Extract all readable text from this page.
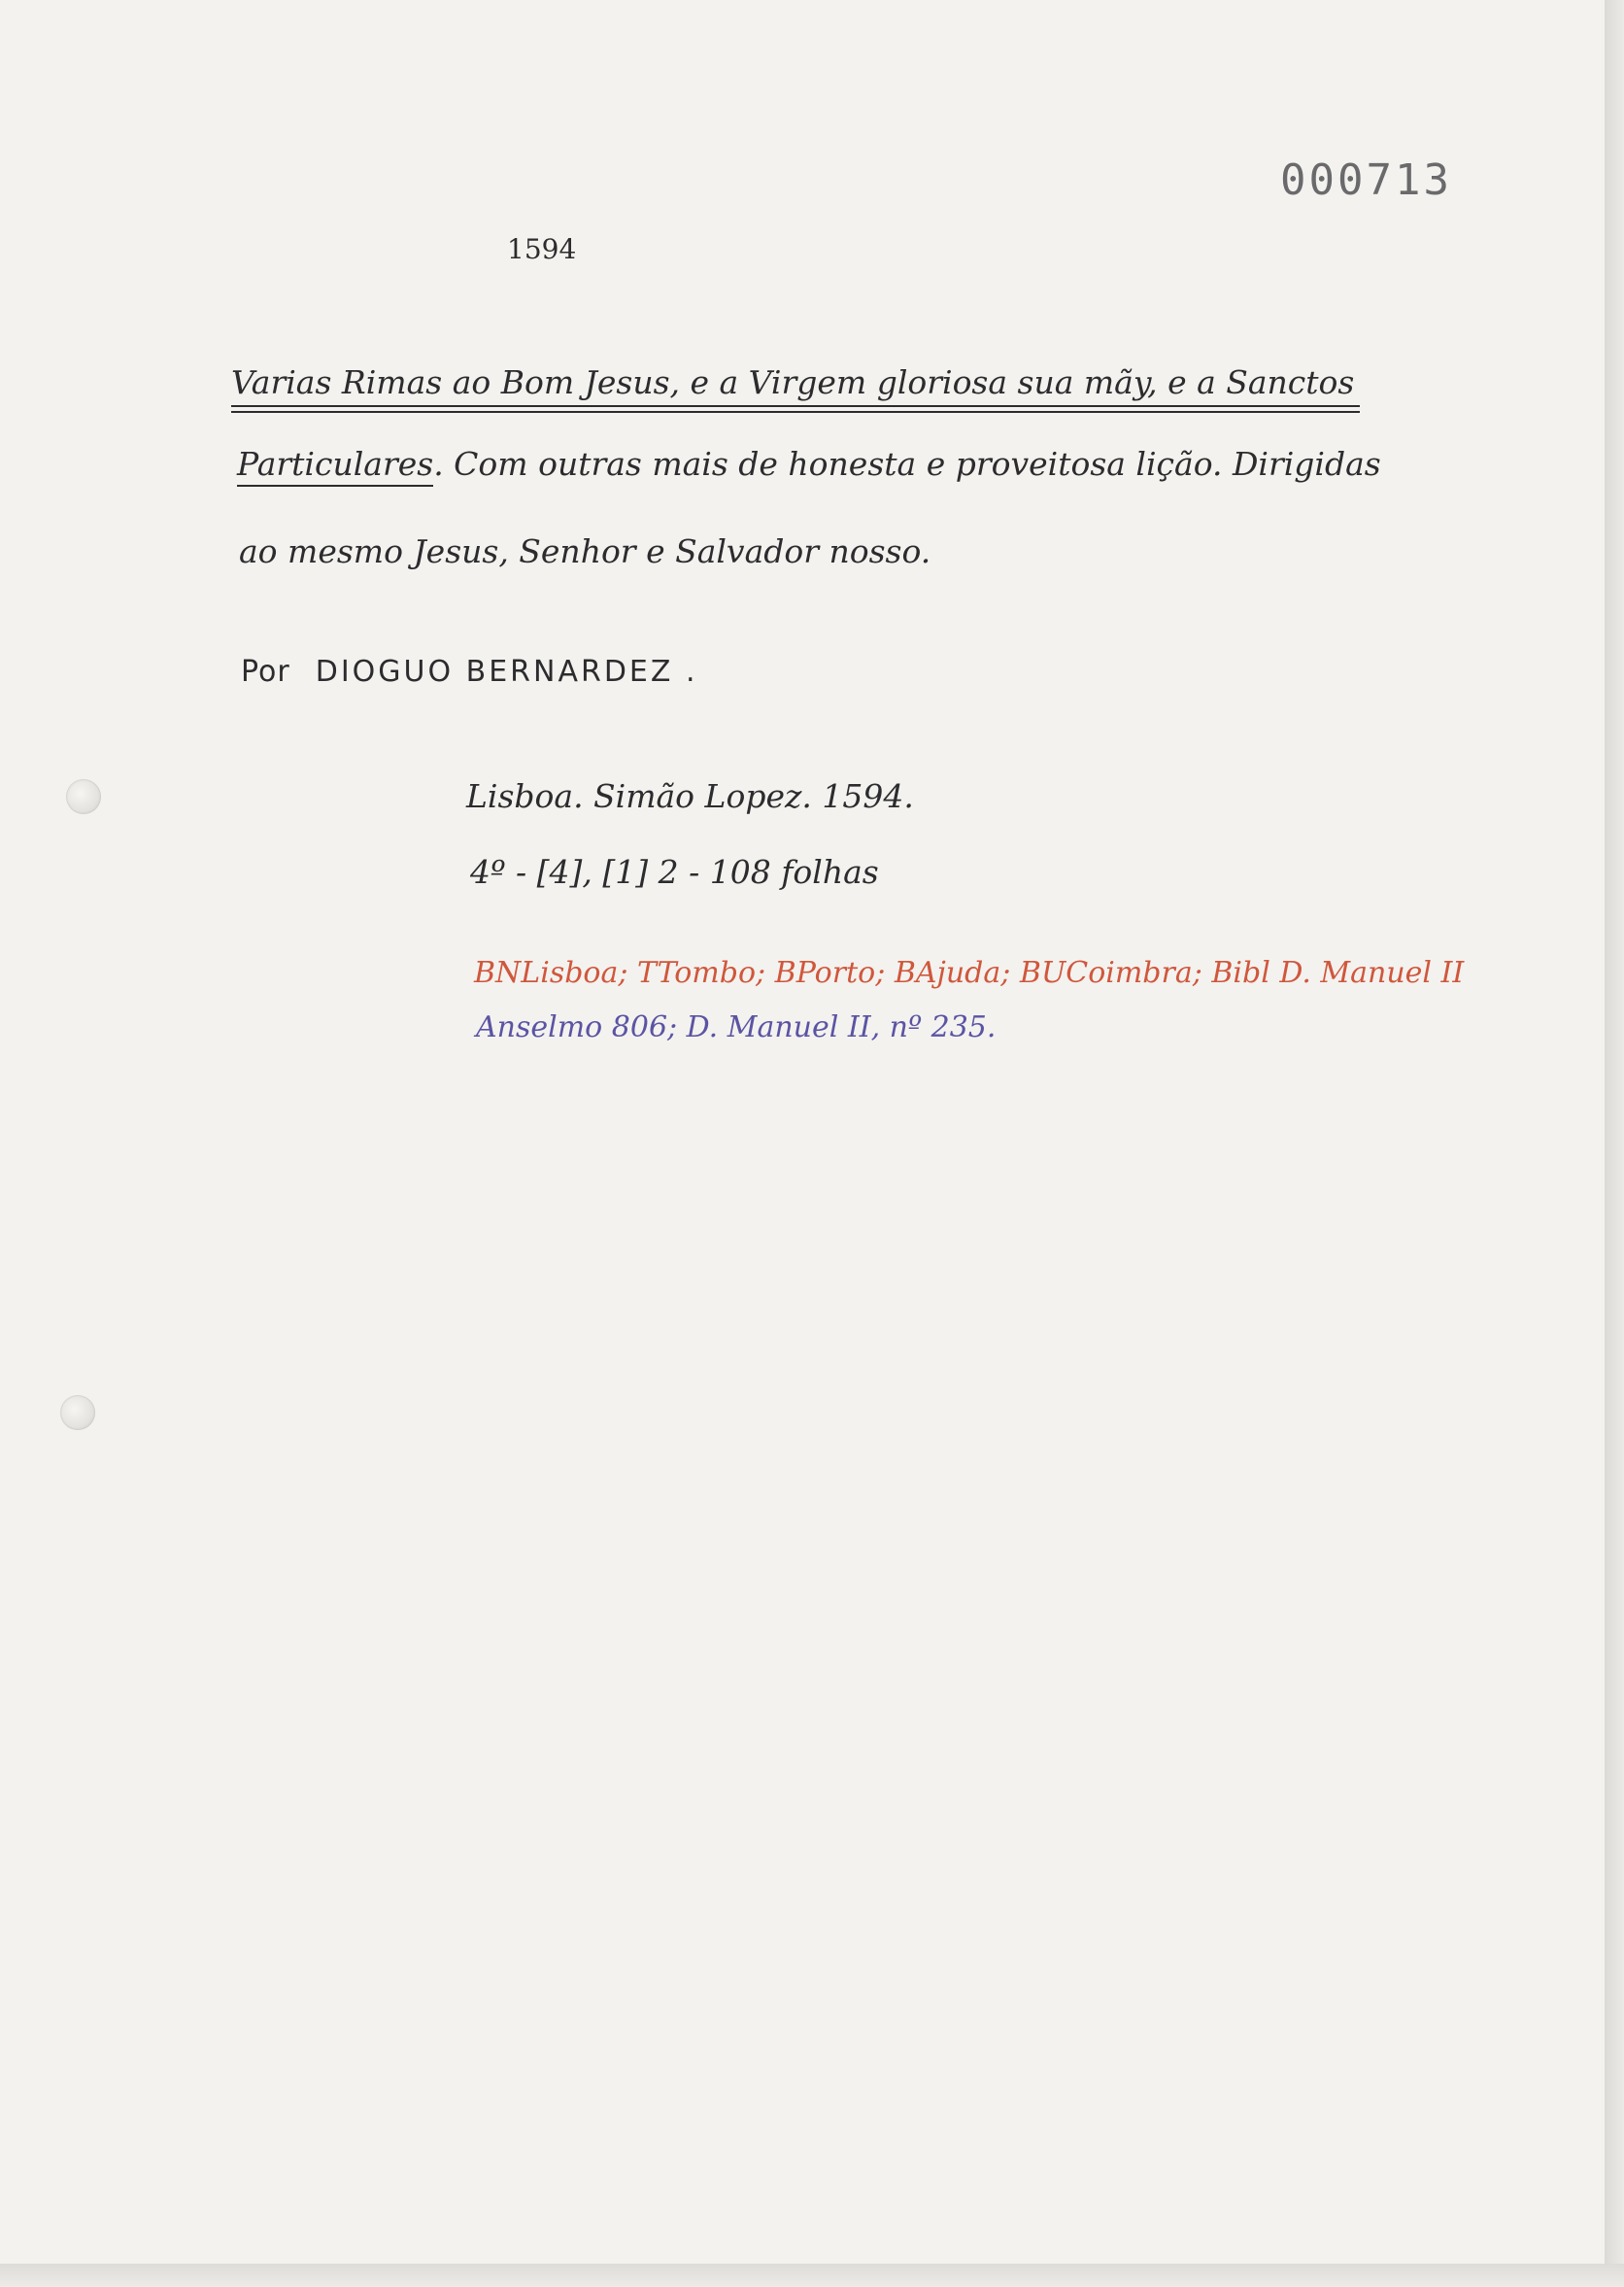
000713
1594
Varias Rimas ao Bom Jesus, e a Virgem gloriosa sua mãy, e a Sanctos
Particulares. Com outras mais de honesta e proveitosa lição. Dirigidas
ao mesmo Jesus, Senhor e Salvador nosso.
Por DIOGUO BERNARDEZ .
Lisboa. Simão Lopez. 1594.
4º - [4], [1] 2 - 108 folhas
BNLisboa; TTombo; BPorto; BAjuda; BUCoimbra; Bibl D. Manuel II
Anselmo 806; D. Manuel II, nº 235.
